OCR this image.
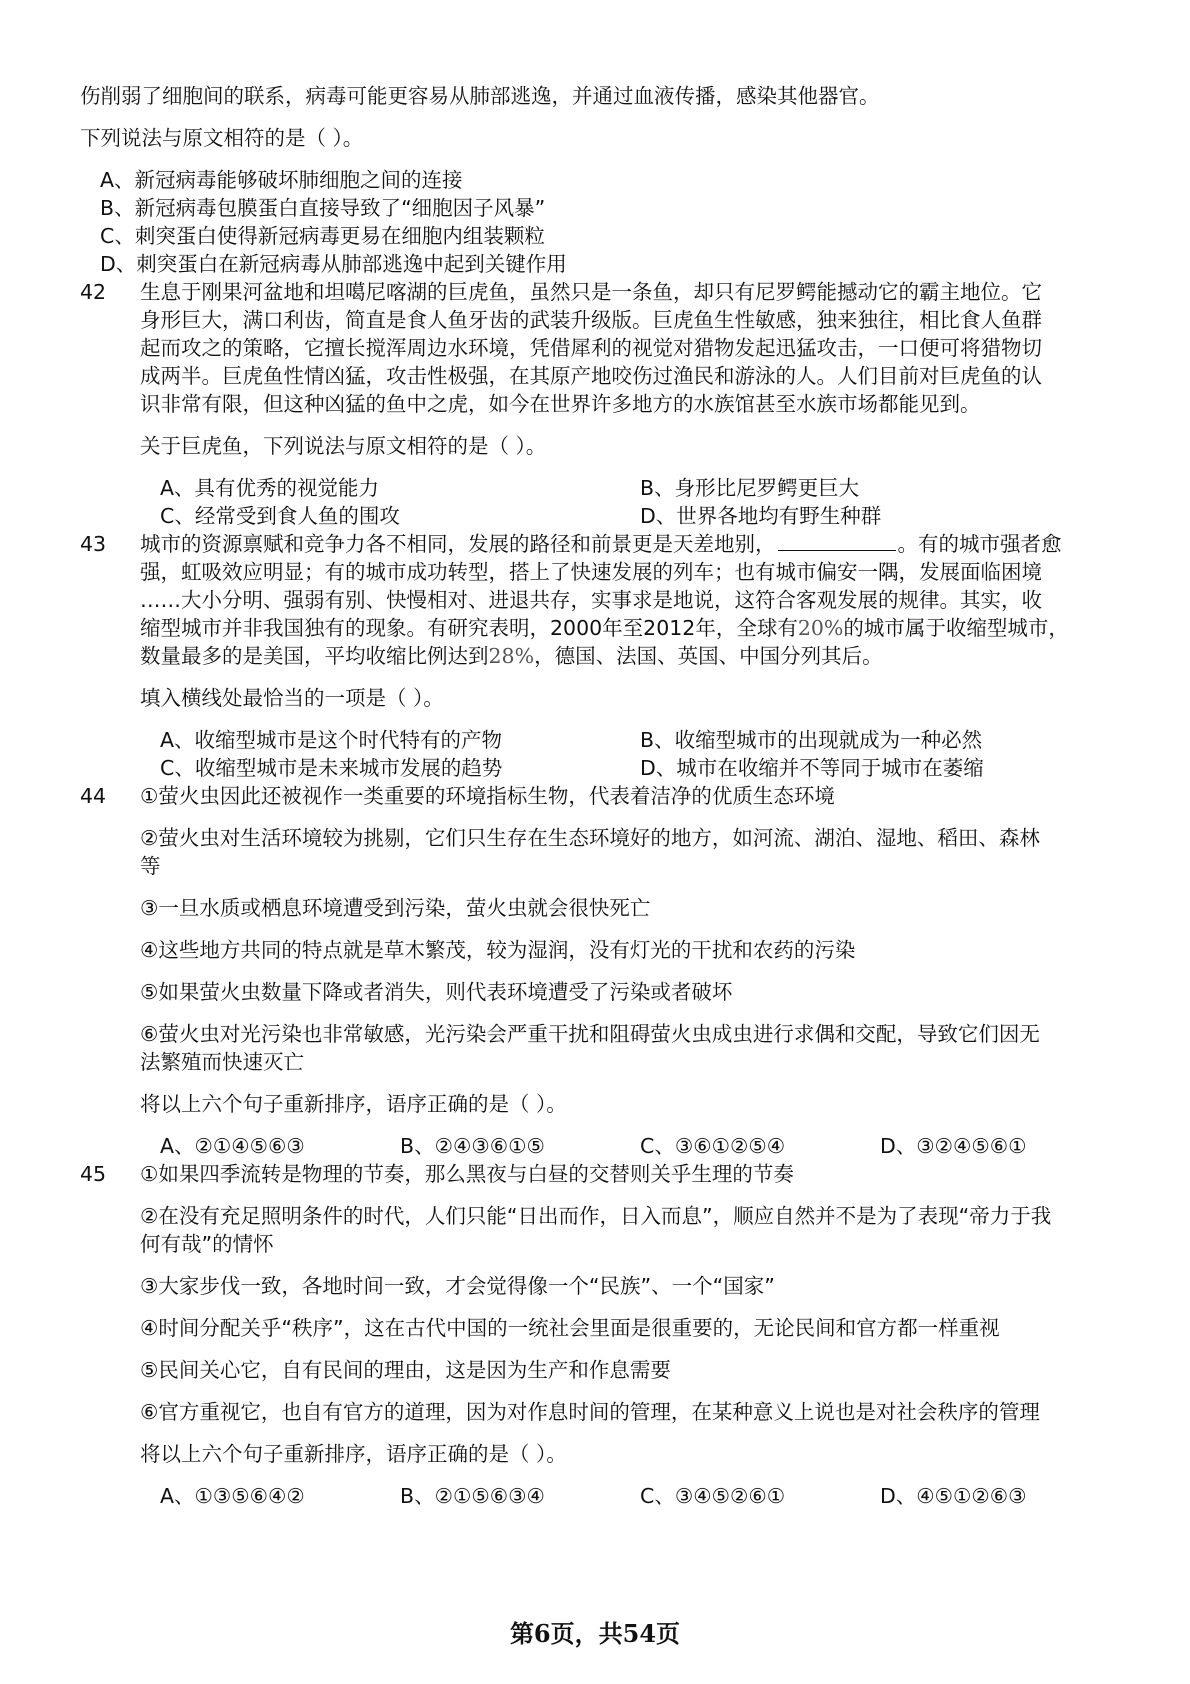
伤削弱了细胞间的联系，病毒可能更容易从肺部逃逸，并通过血液传播，感染其他器官。
下列说法与原文相符的是（ ）。
A、新冠病毒能够破坏肺细胞之间的连接
B、新冠病毒包膜蛋白直接导致了“细胞因子风暴”
C、刺突蛋白使得新冠病毒更易在细胞内组装颗粒
D、刺突蛋白在新冠病毒从肺部逃逸中起到关键作用
42 生息于刚果河盆地和坦噶尼喀湖的巨虎鱼，虽然只是一条鱼，却只有尼罗鳄能撼动它的霸主地位。它
身形巨大，满口利齿，简直是食人鱼牙齿的武装升级版。巨虎鱼生性敏感，独来独往，相比食人鱼群
起而攻之的策略，它擅长搅浑周边水环境，凭借犀利的视觉对猎物发起迅猛攻击，一口便可将猎物切
成两半。巨虎鱼性情凶猛，攻击性极强，在其原产地咬伤过渔民和游泳的人。人们目前对巨虎鱼的认
识非常有限，但这种凶猛的鱼中之虎，如今在世界许多地方的水族馆甚至水族市场都能见到。
关于巨虎鱼，下列说法与原文相符的是（ ）。
A、具有优秀的视觉能力	B、身形比尼罗鳄更巨大
C、经常受到食人鱼的围攻	D、世界各地均有野生种群
43 城市的资源禀赋和竞争力各不相同，发展的路径和前景更是天差地别，	。有的城市强者愈
强，虹吸效应明显；有的城市成功转型，搭上了快速发展的列车；也有城市偏安一隅，发展面临困境
……大小分明、强弱有别、快慢相对、进退共存，实事求是地说，这符合客观发展的规律。其实，收
缩型城市并非我国独有的现象。有研究表明，2000年至2012年，全球有20%的城市属于收缩型城市，
数量最多的是美国，平均收缩比例达到28%，德国、法国、英国、中国分列其后。
填入横线处最恰当的一项是（ ）。
A、收缩型城市是这个时代特有的产物	B、收缩型城市的出现就成为一种必然
C、收缩型城市是未来城市发展的趋势	D、城市在收缩并不等同于城市在萎缩
44 ①萤火虫因此还被视作一类重要的环境指标生物，代表着洁净的优质生态环境
②萤火虫对生活环境较为挑剔，它们只生存在生态环境好的地方，如河流、湖泊、湿地、稻田、森林
等
③一旦水质或栖息环境遭受到污染，萤火虫就会很快死亡
④这些地方共同的特点就是草木繁茂，较为湿润，没有灯光的干扰和农药的污染
⑤如果萤火虫数量下降或者消失，则代表环境遭受了污染或者破坏
⑥萤火虫对光污染也非常敏感，光污染会严重干扰和阻碍萤火虫成虫进行求偶和交配，导致它们因无
法繁殖而快速灭亡
将以上六个句子重新排序，语序正确的是（ ）。
A、②①④⑤⑥③	B、②④③⑥①⑤	C、③⑥①②⑤④	D、③②④⑤⑥①
45 ①如果四季流转是物理的节奏，那么黑夜与白昼的交替则关乎生理的节奏
②在没有充足照明条件的时代，人们只能“日出而作，日入而息”，顺应自然并不是为了表现“帝力于我
何有哉”的情怀
③大家步伐一致，各地时间一致，才会觉得像一个“民族”、一个“国家”
④时间分配关乎“秩序”，这在古代中国的一统社会里面是很重要的，无论民间和官方都一样重视
⑤民间关心它，自有民间的理由，这是因为生产和作息需要
⑥官方重视它，也自有官方的道理，因为对作息时间的管理，在某种意义上说也是对社会秩序的管理
将以上六个句子重新排序，语序正确的是（ ）。
A、①③⑤⑥④②	B、②①⑤⑥③④	C、③④⑤②⑥①	D、④⑤①②⑥③
第6页，共54页
